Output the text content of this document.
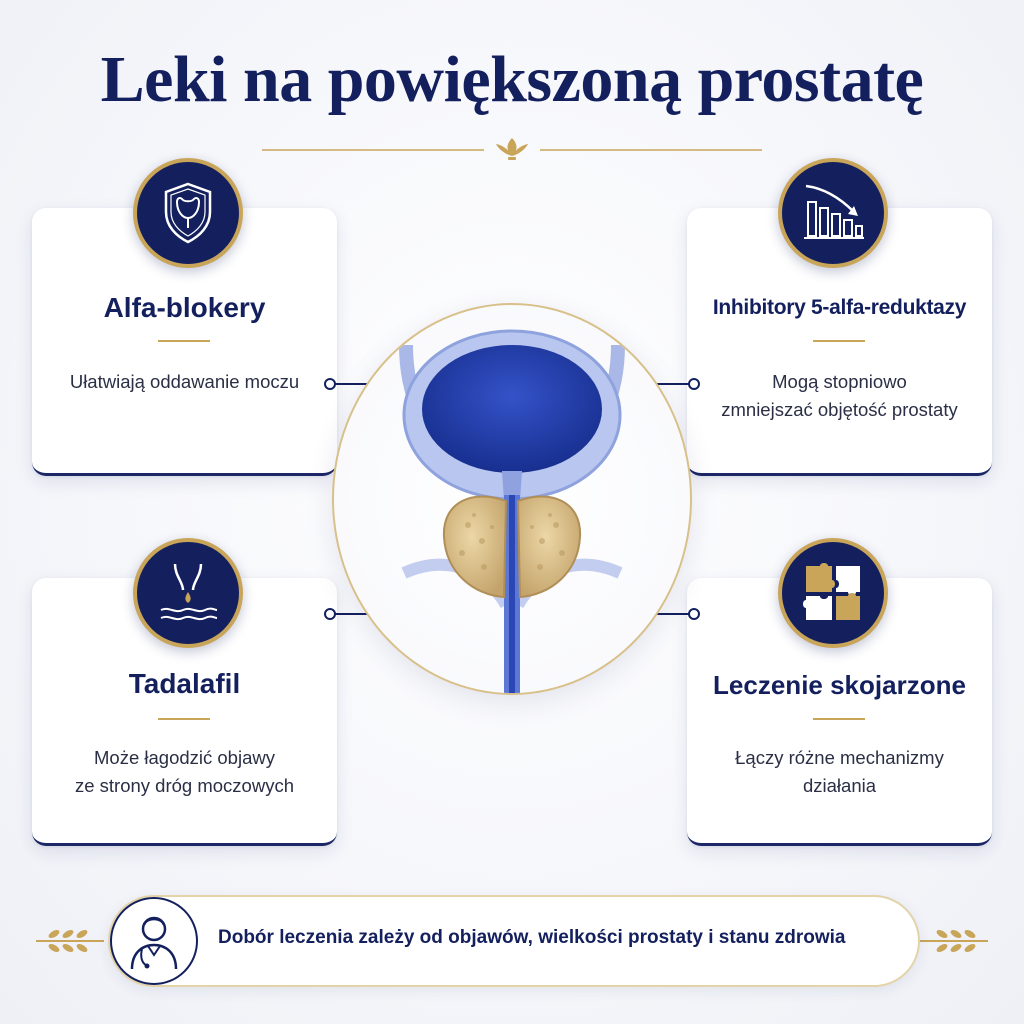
Leki na powiększoną prostatę
Alfa-blokery
Ułatwiają oddawanie moczu
Inhibitory 5-alfa-reduktazy
Mogą stopniowo
zmniejszać objętość prostaty
Tadalafil
Może łagodzić objawy
ze strony dróg moczowych
Leczenie skojarzone
Łączy różne mechanizmy
działania
Dobór leczenia zależy od objawów, wielkości prostaty i stanu zdrowia
